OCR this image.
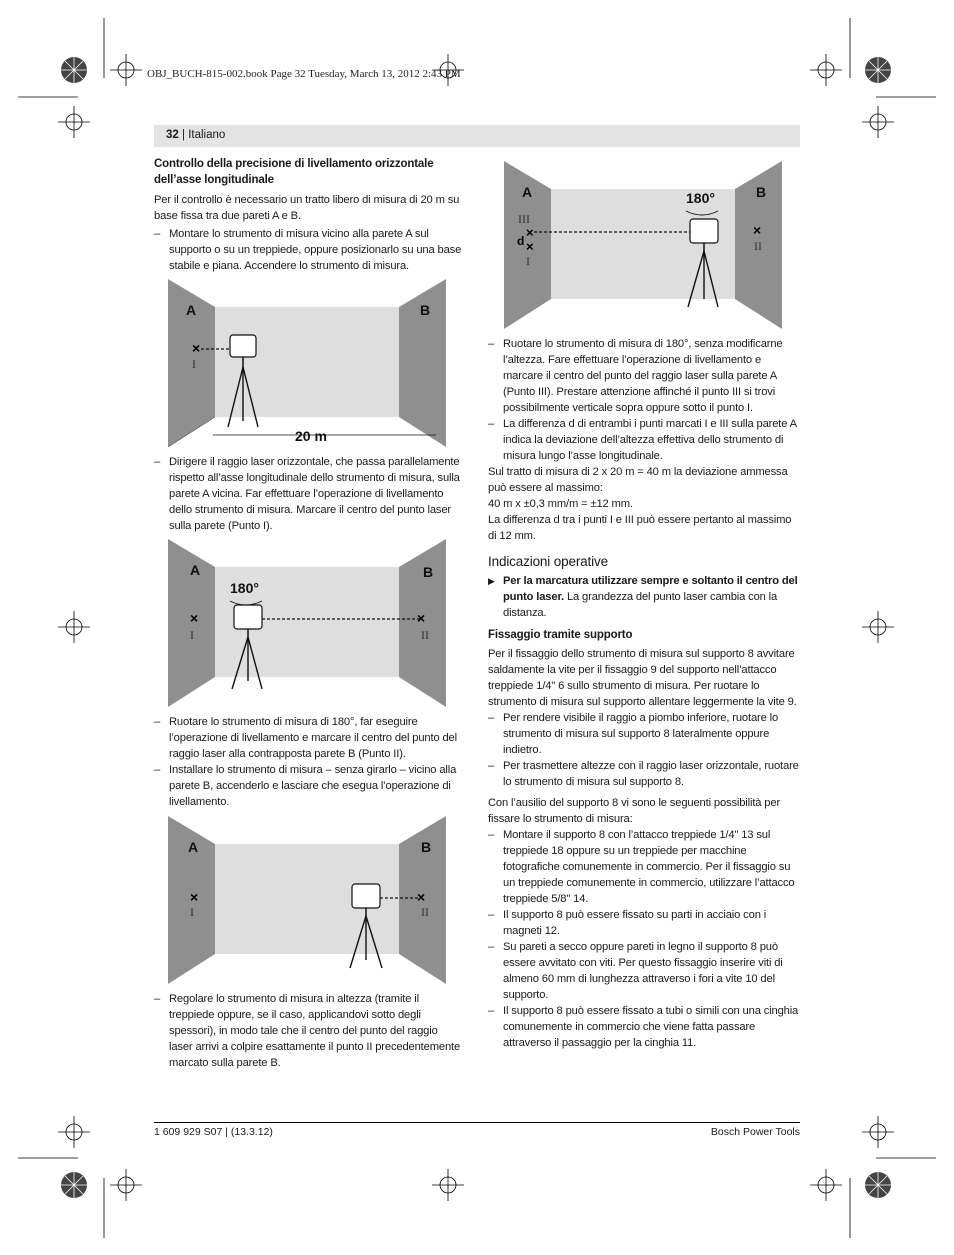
OBJ_BUCH-815-002.book Page 32 Tuesday, March 13, 2012 2:43 PM
32 | Italiano

Controllo della precisione di livellamento orizzontale dell’asse longitudinale

Per il controllo è necessario un tratto libero di misura di 20 m su base fissa tra due pareti A e B.

– Montare lo strumento di misura vicino alla parete A sul supporto o su un treppiede, oppure posizionarlo su una base stabile e piana. Accendere lo strumento di misura.

A	B
×
I
20 m

– Dirigere il raggio laser orizzontale, che passa parallelamente rispetto all’asse longitudinale dello strumento di misura, sulla parete A vicina. Far effettuare l’operazione di livellamento dello strumento di misura. Marcare il centro del punto laser sulla parete (Punto I).

A	B
180°
×
I
×
II

– Ruotare lo strumento di misura di 180°, far eseguire l’operazione di livellamento e marcare il centro del punto del raggio laser alla contrapposta parete B (Punto II).

– Installare lo strumento di misura – senza girarlo – vicino alla parete B, accenderlo e lasciare che esegua l’operazione di livellamento.

A	B
×
I
×
II

– Regolare lo strumento di misura in altezza (tramite il treppiede oppure, se il caso, applicandovi sotto degli spessori), in modo tale che il centro del punto del raggio laser arrivi a colpire esattamente il punto II precedentemente marcato sulla parete B.

A	B
180°
III
×
d ×
I
×
II

– Ruotare lo strumento di misura di 180°, senza modificarne l’altezza. Fare effettuare l’operazione di livellamento e marcare il centro del punto del raggio laser sulla parete A (Punto III). Prestare attenzione affinché il punto III si trovi possibilmente verticale sopra oppure sotto il punto I.

– La differenza d di entrambi i punti marcati I e III sulla parete A indica la deviazione dell’altezza effettiva dello strumento di misura lungo l’asse longitudinale.

Sul tratto di misura di 2 x 20 m = 40 m la deviazione ammessa può essere al massimo:

40 m x ±0,3 mm/m = ±12 mm.

La differenza d tra i punti I e III può essere pertanto al massimo di 12 mm.

Indicazioni operative

▶ Per la marcatura utilizzare sempre e soltanto il centro del punto laser. La grandezza del punto laser cambia con la distanza.

Fissaggio tramite supporto

Per il fissaggio dello strumento di misura sul supporto 8 avvitare saldamente la vite per il fissaggio 9 del supporto nell’attacco treppiede 1/4" 6 sullo strumento di misura. Per ruotare lo strumento di misura sul supporto allentare leggermente la vite 9.

– Per rendere visibile il raggio a piombo inferiore, ruotare lo strumento di misura sul supporto 8 lateralmente oppure indietro.

– Per trasmettere altezze con il raggio laser orizzontale, ruotare lo strumento di misura sul supporto 8.

Con l’ausilio del supporto 8 vi sono le seguenti possibilità per fissare lo strumento di misura:

– Montare il supporto 8 con l’attacco treppiede 1/4" 13 sul treppiede 18 oppure su un treppiede per macchine fotografiche comunemente in commercio. Per il fissaggio su un treppiede comunemente in commercio, utilizzare l’attacco treppiede 5/8" 14.

– Il supporto 8 può essere fissato su parti in acciaio con i magneti 12.

– Su pareti a secco oppure pareti in legno il supporto 8 può essere avvitato con viti. Per questo fissaggio inserire viti di almeno 60 mm di lunghezza attraverso i fori a vite 10 del supporto.

– Il supporto 8 può essere fissato a tubi o simili con una cinghia comunemente in commercio che viene fatta passare attraverso il passaggio per la cinghia 11.

1 609 929 S07 | (13.3.12)	Bosch Power Tools
